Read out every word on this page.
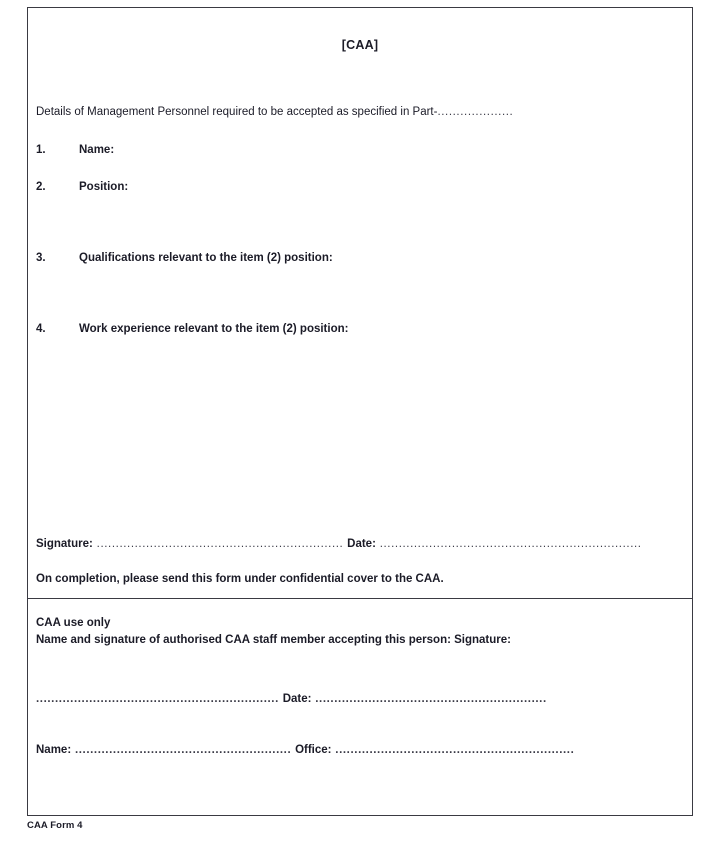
[CAA]
Details of Management Personnel required to be accepted as specified in Part-....................
1.	Name:
2.	Position:
3.	Qualifications relevant to the item (2) position:
4.	Work experience relevant to the item (2) position:
Signature: ................................................................. Date: .....................................................................
On completion, please send this form under confidential cover to the CAA.
CAA use only
Name and signature of authorised CAA staff member accepting this person: Signature:
................................................................ Date: .............................................................
Name: ......................................................... Office: ...............................................................
CAA Form 4
